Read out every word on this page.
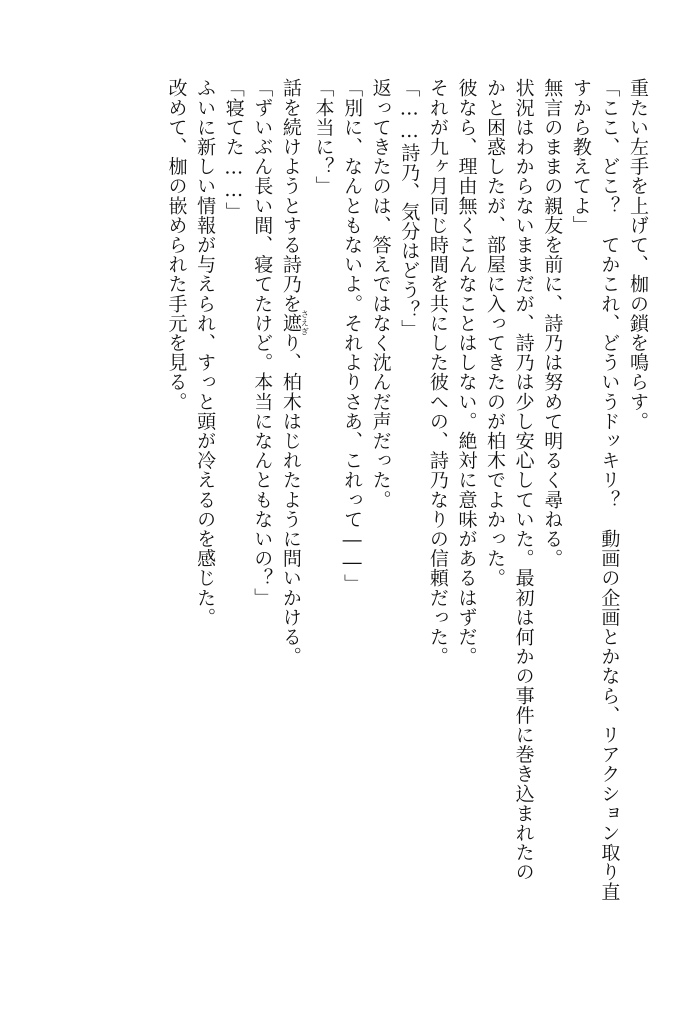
重たい左手を上げて、枷の鎖を鳴らす。
「ここ、どこ？　てかこれ、どういうドッキリ？　動画の企画とかなら、リアクション取り直
すから教えてよ」
無言のままの親友を前に、詩乃は努めて明るく尋ねる。
状況はわからないままだが、詩乃は少し安心していた。最初は何かの事件に巻き込まれたの
かと困惑したが、部屋に入ってきたのが柏木でよかった。
彼なら、理由無くこんなことはしない。絶対に意味があるはずだ。
それが九ヶ月同じ時間を共にした彼への、詩乃なりの信頼だった。
「……詩乃、気分はどう？」
返ってきたのは、答えではなく沈んだ声だった。
「別に、なんともないよ。それよりさあ、これって――」
「本当に？」
話を続けようとする詩乃を遮さえぎり、柏木はじれたように問いかける。
「ずいぶん長い間、寝てたけど。本当になんともないの？」
「寝てた……」
ふいに新しい情報が与えられ、すっと頭が冷えるのを感じた。
改めて、枷の嵌められた手元を見る。
